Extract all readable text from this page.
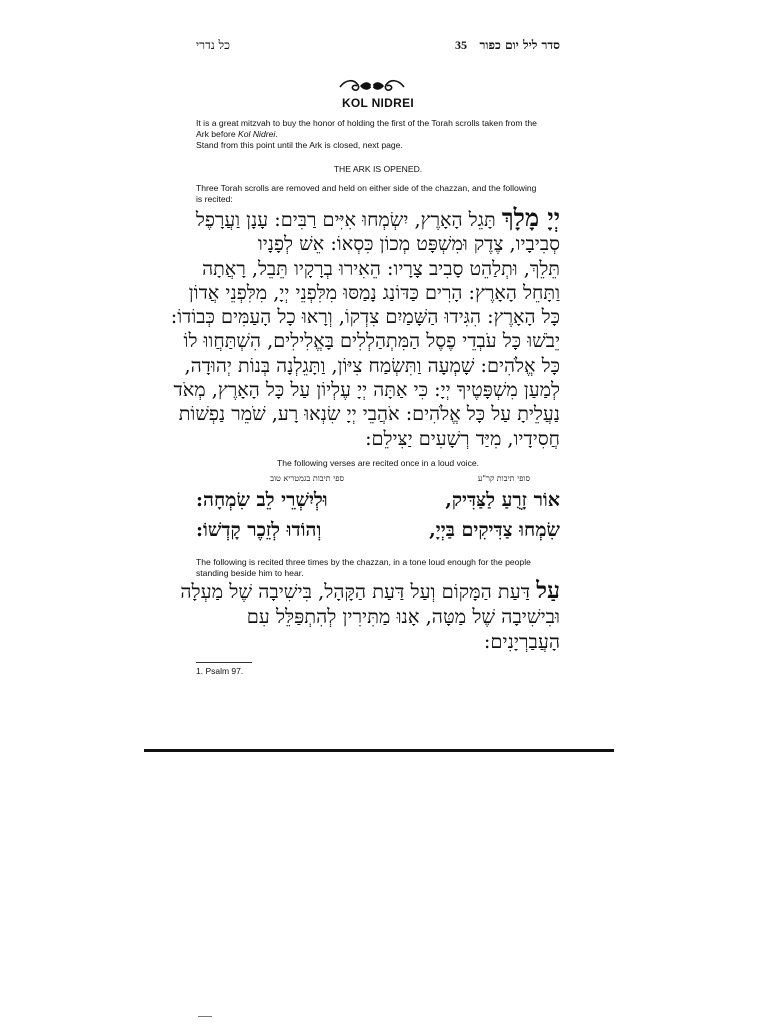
כל נדרי	סדר ליל יום כפור   35
KOL NIDREI
It is a great mitzvah to buy the honor of holding the first of the Torah scrolls taken from the
Ark before Kol Nidrei.
Stand from this point until the Ark is closed, next page.
THE ARK IS OPENED.
Three Torah scrolls are removed and held on either side of the chazzan, and the following
is recited:
יְיָ מָלָךְ תָּגֵל הָאָרֶץ, יִשְׂמְחוּ אִיִּים רַבִּים: עָנָן וַעֲרָפֶל
סְבִיבָיו, צֶדֶק וּמִשְׁפָּט מְכוֹן כִּסְאוֹ: אֵשׁ לְפָנָיו
תֵּלֵךְ, וּתְלַהֵט סָבִיב צָרָיו: הֵאִירוּ בְרָקָיו תֵּבֵל, רָאֲתָה
וַתָּחֵל הָאָרֶץ: הָרִים כַּדּוֹנַג נָמַסּוּ מִלִּפְנֵי יְיָ, מִלִּפְנֵי אֲדוֹן
כָּל הָאָרֶץ: הִגִּידוּ הַשָּׁמַיִם צִדְקוֹ, וְרָאוּ כָל הָעַמִּים כְּבוֹדוֹ:
יֵבֹשׁוּ כָּל עֹבְדֵי פֶסֶל הַמִּתְהַלְלִים בָּאֱלִילִים, הִשְׁתַּחֲווּ לוֹ
כָּל אֱלֹהִים: שָׁמְעָה וַתִּשְׂמַח צִיּוֹן, וַתָּגֵלְנָה בְּנוֹת יְהוּדָה,
לְמַעַן מִשְׁפָּטֶיךָ יְיָ: כִּי אַתָּה יְיָ עֶלְיוֹן עַל כָּל הָאָרֶץ, מְאֹד
נַעֲלֵיתָ עַל כָּל אֱלֹהִים: אֹהֲבֵי יְיָ שִׂנְאוּ רָע, שֹׁמֵר נַפְשׁוֹת
חֲסִידָיו, מִיַּד רְשָׁעִים יַצִּילֵם:
The following verses are recited once in a loud voice.
סופי תיבות קר"ע
ספי תיבות בגמטריא טוב
אוֹר זָרֻעַ לַצַּדִּיק,
וּלְיִשְׁרֵי לֵב שִׂמְחָה:
שִׂמְחוּ צַדִּיקִים בַּיְיָ,
וְהוֹדוּ לְזֵכֶר קָדְשׁוֹ:
The following is recited three times by the chazzan, in a tone loud enough for the people
standing beside him to hear.
עַל דַּעַת הַמָּקוֹם וְעַל דַּעַת הַקָּהָל, בִּישִׁיבָה שֶׁל מַעְלָה
וּבִישִׁיבָה שֶׁל מַטָּה, אָנוּ מַתִּירִין לְהִתְפַּלֵּל עִם
הָעֲבַרְיָנִים:
1. Psalm 97.
